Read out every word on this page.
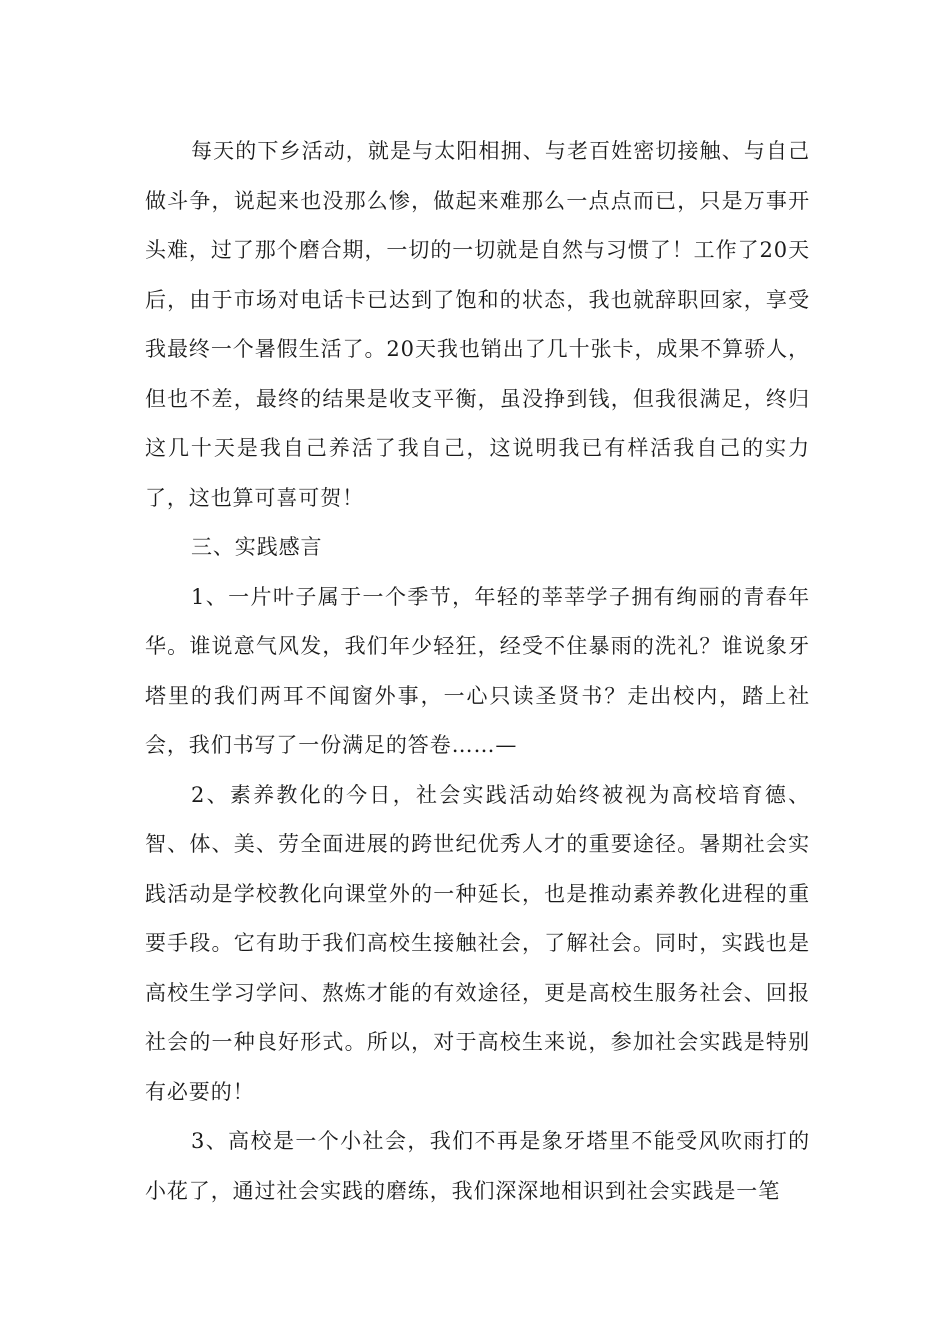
每天的下乡活动，就是与太阳相拥、与老百姓密切接触、与自己做斗争，说起来也没那么惨，做起来难那么一点点而已，只是万事开头难，过了那个磨合期，一切的一切就是自然与习惯了！工作了20天后，由于市场对电话卡已达到了饱和的状态，我也就辞职回家，享受我最终一个暑假生活了。20天我也销出了几十张卡，成果不算骄人，但也不差，最终的结果是收支平衡，虽没挣到钱，但我很满足，终归这几十天是我自己养活了我自己，这说明我已有样活我自己的实力了，这也算可喜可贺！

三、实践感言

1、一片叶子属于一个季节，年轻的莘莘学子拥有绚丽的青春年华。谁说意气风发，我们年少轻狂，经受不住暴雨的洗礼？谁说象牙塔里的我们两耳不闻窗外事，一心只读圣贤书？走出校内，踏上社会，我们书写了一份满足的答卷……—

2、素养教化的今日，社会实践活动始终被视为高校培育德、智、体、美、劳全面进展的跨世纪优秀人才的重要途径。暑期社会实践活动是学校教化向课堂外的一种延长，也是推动素养教化进程的重要手段。它有助于我们高校生接触社会，了解社会。同时，实践也是高校生学习学问、熬炼才能的有效途径，更是高校生服务社会、回报社会的一种良好形式。所以，对于高校生来说，参加社会实践是特别有必要的！

3、高校是一个小社会，我们不再是象牙塔里不能受风吹雨打的小花了，通过社会实践的磨练，我们深深地相识到社会实践是一笔
